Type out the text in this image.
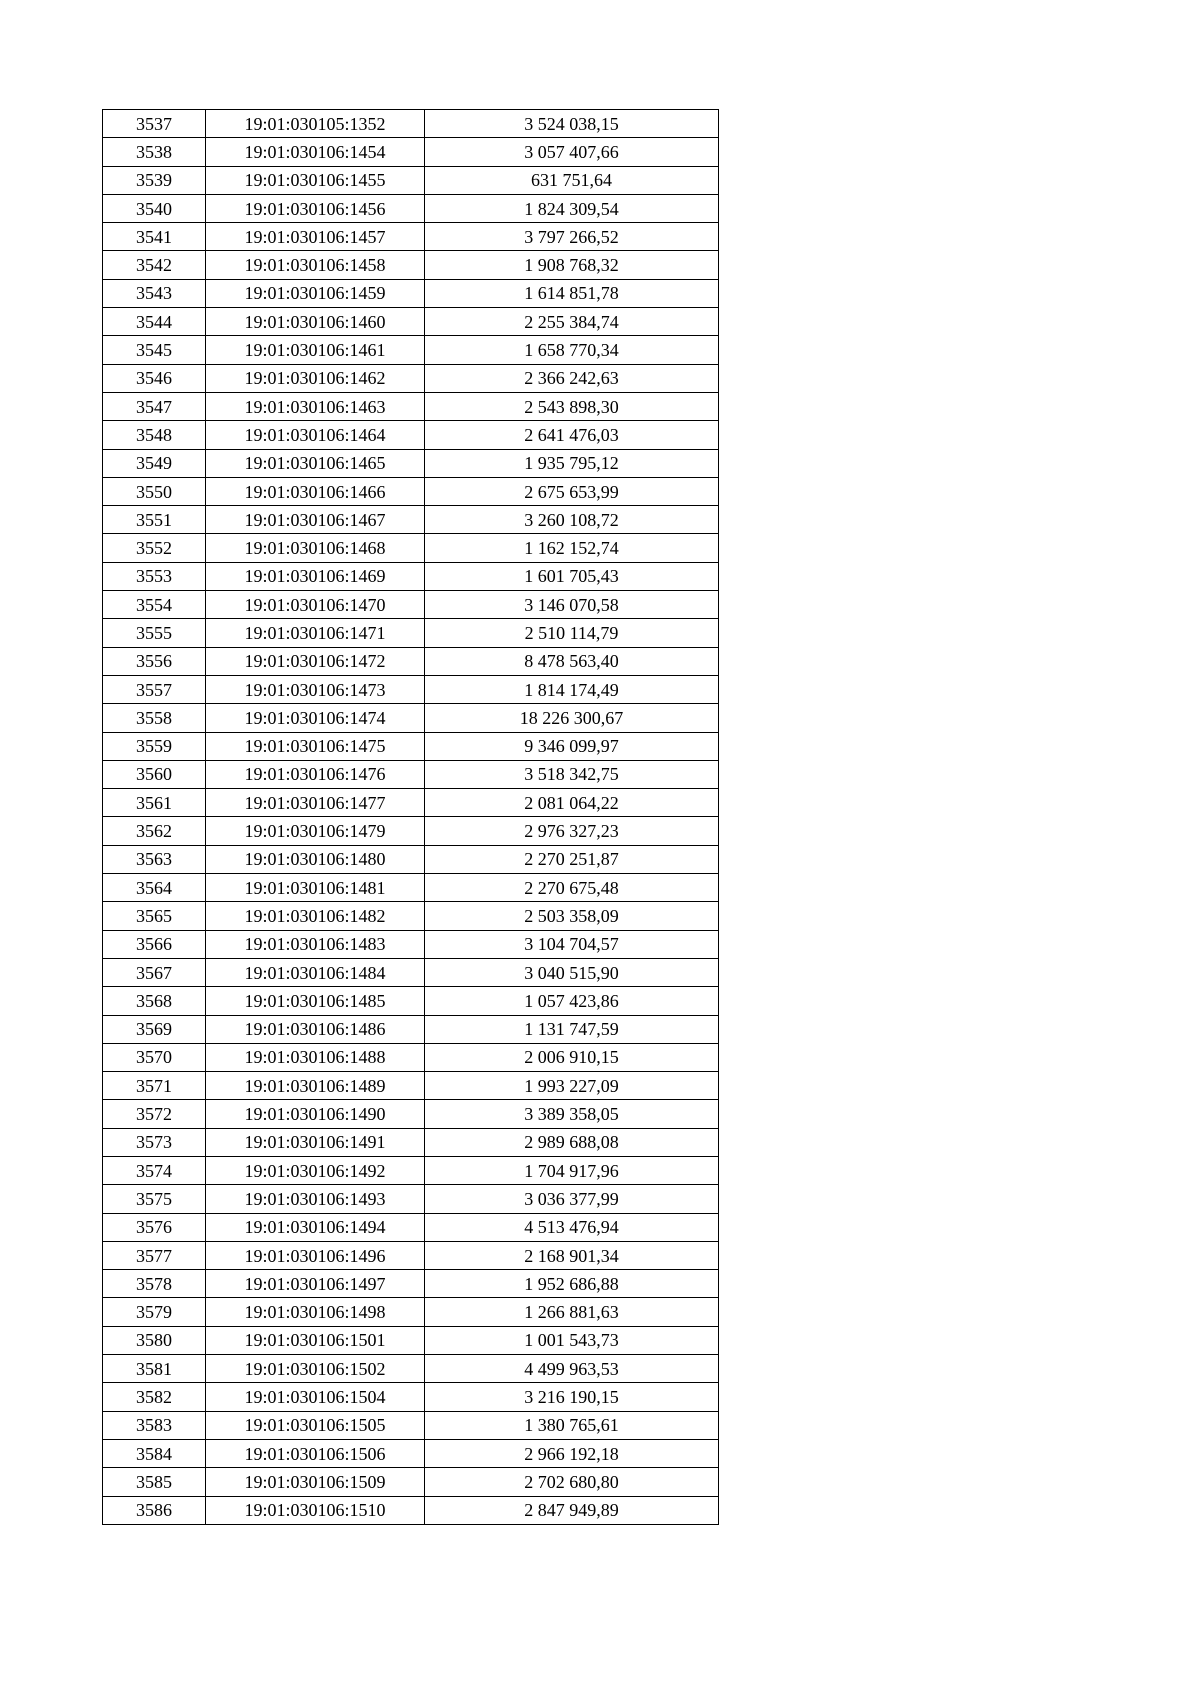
3537	19:01:030105:1352	3 524 038,15
3538	19:01:030106:1454	3 057 407,66
3539	19:01:030106:1455	631 751,64
3540	19:01:030106:1456	1 824 309,54
3541	19:01:030106:1457	3 797 266,52
3542	19:01:030106:1458	1 908 768,32
3543	19:01:030106:1459	1 614 851,78
3544	19:01:030106:1460	2 255 384,74
3545	19:01:030106:1461	1 658 770,34
3546	19:01:030106:1462	2 366 242,63
3547	19:01:030106:1463	2 543 898,30
3548	19:01:030106:1464	2 641 476,03
3549	19:01:030106:1465	1 935 795,12
3550	19:01:030106:1466	2 675 653,99
3551	19:01:030106:1467	3 260 108,72
3552	19:01:030106:1468	1 162 152,74
3553	19:01:030106:1469	1 601 705,43
3554	19:01:030106:1470	3 146 070,58
3555	19:01:030106:1471	2 510 114,79
3556	19:01:030106:1472	8 478 563,40
3557	19:01:030106:1473	1 814 174,49
3558	19:01:030106:1474	18 226 300,67
3559	19:01:030106:1475	9 346 099,97
3560	19:01:030106:1476	3 518 342,75
3561	19:01:030106:1477	2 081 064,22
3562	19:01:030106:1479	2 976 327,23
3563	19:01:030106:1480	2 270 251,87
3564	19:01:030106:1481	2 270 675,48
3565	19:01:030106:1482	2 503 358,09
3566	19:01:030106:1483	3 104 704,57
3567	19:01:030106:1484	3 040 515,90
3568	19:01:030106:1485	1 057 423,86
3569	19:01:030106:1486	1 131 747,59
3570	19:01:030106:1488	2 006 910,15
3571	19:01:030106:1489	1 993 227,09
3572	19:01:030106:1490	3 389 358,05
3573	19:01:030106:1491	2 989 688,08
3574	19:01:030106:1492	1 704 917,96
3575	19:01:030106:1493	3 036 377,99
3576	19:01:030106:1494	4 513 476,94
3577	19:01:030106:1496	2 168 901,34
3578	19:01:030106:1497	1 952 686,88
3579	19:01:030106:1498	1 266 881,63
3580	19:01:030106:1501	1 001 543,73
3581	19:01:030106:1502	4 499 963,53
3582	19:01:030106:1504	3 216 190,15
3583	19:01:030106:1505	1 380 765,61
3584	19:01:030106:1506	2 966 192,18
3585	19:01:030106:1509	2 702 680,80
3586	19:01:030106:1510	2 847 949,89
